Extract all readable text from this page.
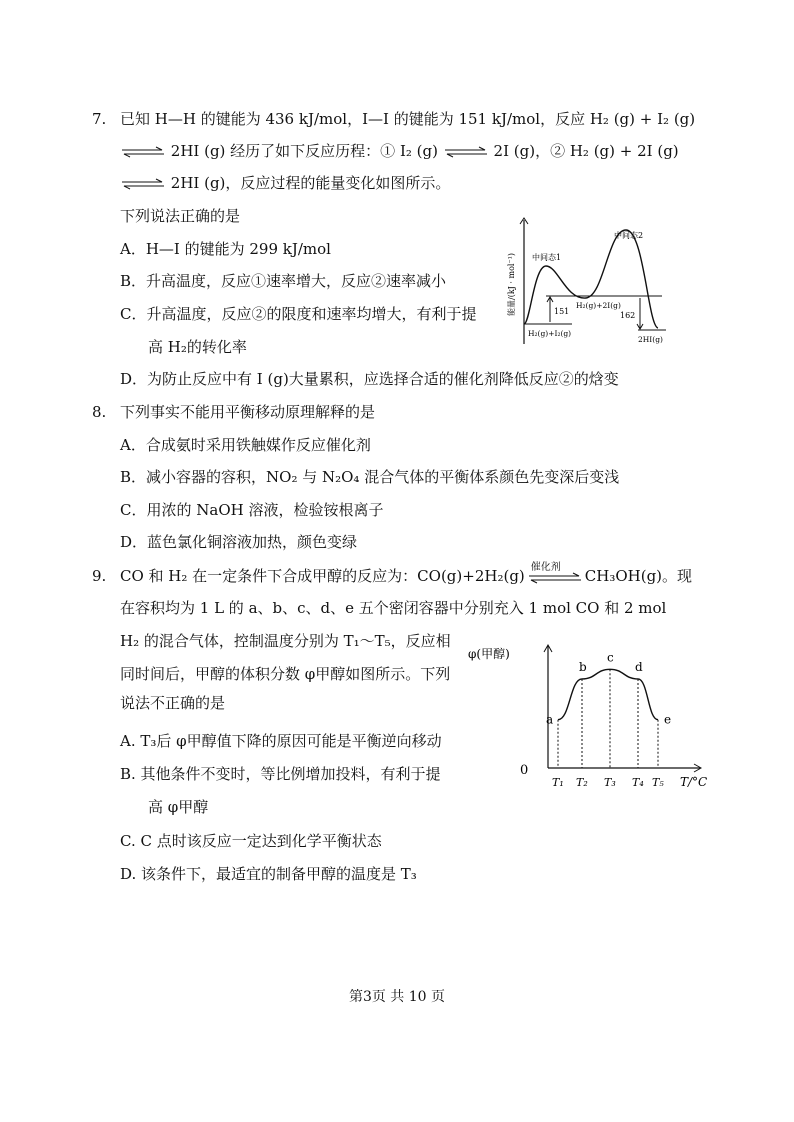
7. 已知 H—H 的键能为 436 kJ/mol，I—I 的键能为 151 kJ/mol，反应 H₂ (g) + I₂ (g)
⇌ 2HI (g) 经历了如下反应历程：① I₂ (g) ⇌ 2I (g)，② H₂ (g) + 2I (g)
⇌ 2HI (g)，反应过程的能量变化如图所示。
下列说法正确的是
A．H—I 的键能为 299 kJ/mol
B．升高温度，反应①速率增大，反应②速率减小
C．升高温度，反应②的限度和速率均增大，有利于提
高 H₂的转化率
D．为防止反应中有 I (g)大量累积，应选择合适的催化剂降低反应②的焓变
能量/(kJ · mol⁻¹) 中间态1
中间态2
H₂(g)+2I(g)
H₂(g)+I₂(g)
2HI(g)
151	162
8. 下列事实不能用平衡移动原理解释的是
A．合成氨时采用铁触媒作反应催化剂
B．减小容器的容积，NO₂ 与 N₂O₄ 混合气体的平衡体系颜色先变深后变浅
C．用浓的 NaOH 溶液，检验铵根离子
D．蓝色氯化铜溶液加热，颜色变绿
9. CO 和 H₂ 在一定条件下合成甲醇的反应为：CO(g)+2H₂(g) 催化剂 CH₃OH(g)。现
在容积均为 1 L 的 a、b、c、d、e 五个密闭容器中分别充入 1 mol CO 和 2 mol
H₂ 的混合气体，控制温度分别为 T₁～T₅，反应相
同时间后，甲醇的体积分数 φ甲醇如图所示。下列
说法不正确的是
A. T₃后 φ甲醇值下降的原因可能是平衡逆向移动
B. 其他条件不变时，等比例增加投料，有利于提
高 φ甲醇
C. C 点时该反应一定达到化学平衡状态
D. 该条件下，最适宜的制备甲醇的温度是 T₃
φ(甲醇)
T/°C
0
a
T₁
b
T₂
c
T₃
d
T₄
e
T₅
第3页 共 10 页
